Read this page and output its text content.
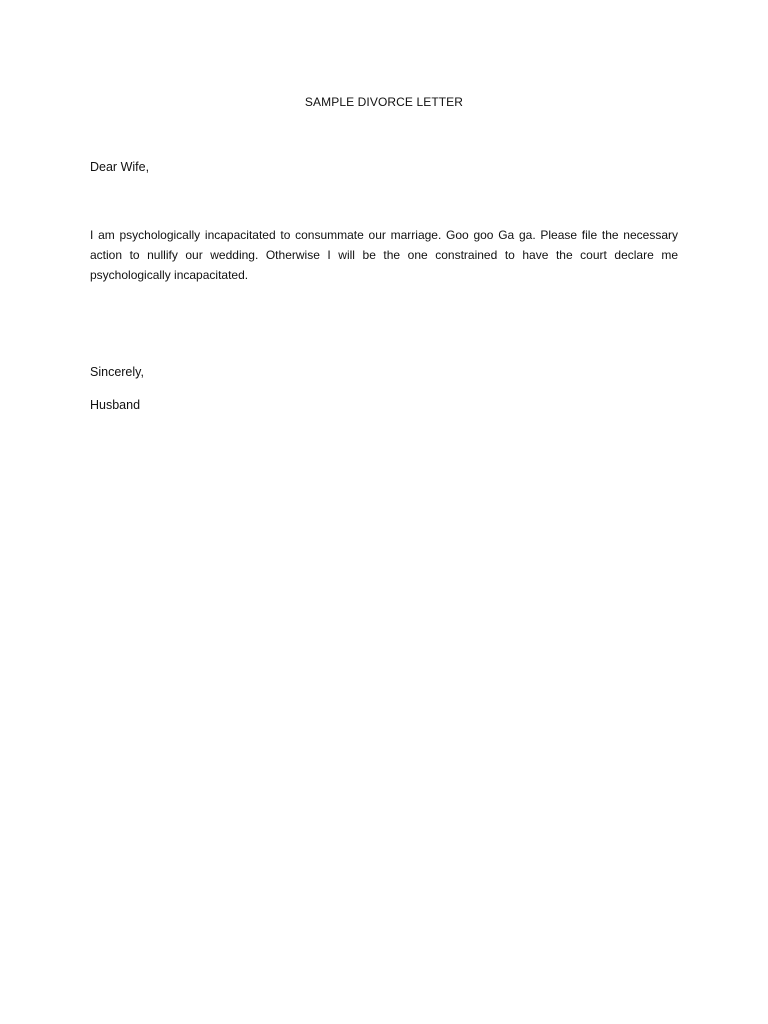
SAMPLE DIVORCE LETTER
Dear Wife,

I am psychologically incapacitated to consummate our marriage. Goo goo Ga ga. Please file the necessary action to nullify our wedding. Otherwise I will be the one constrained to have the court declare me psychologically incapacitated.

Sincerely,
Husband
